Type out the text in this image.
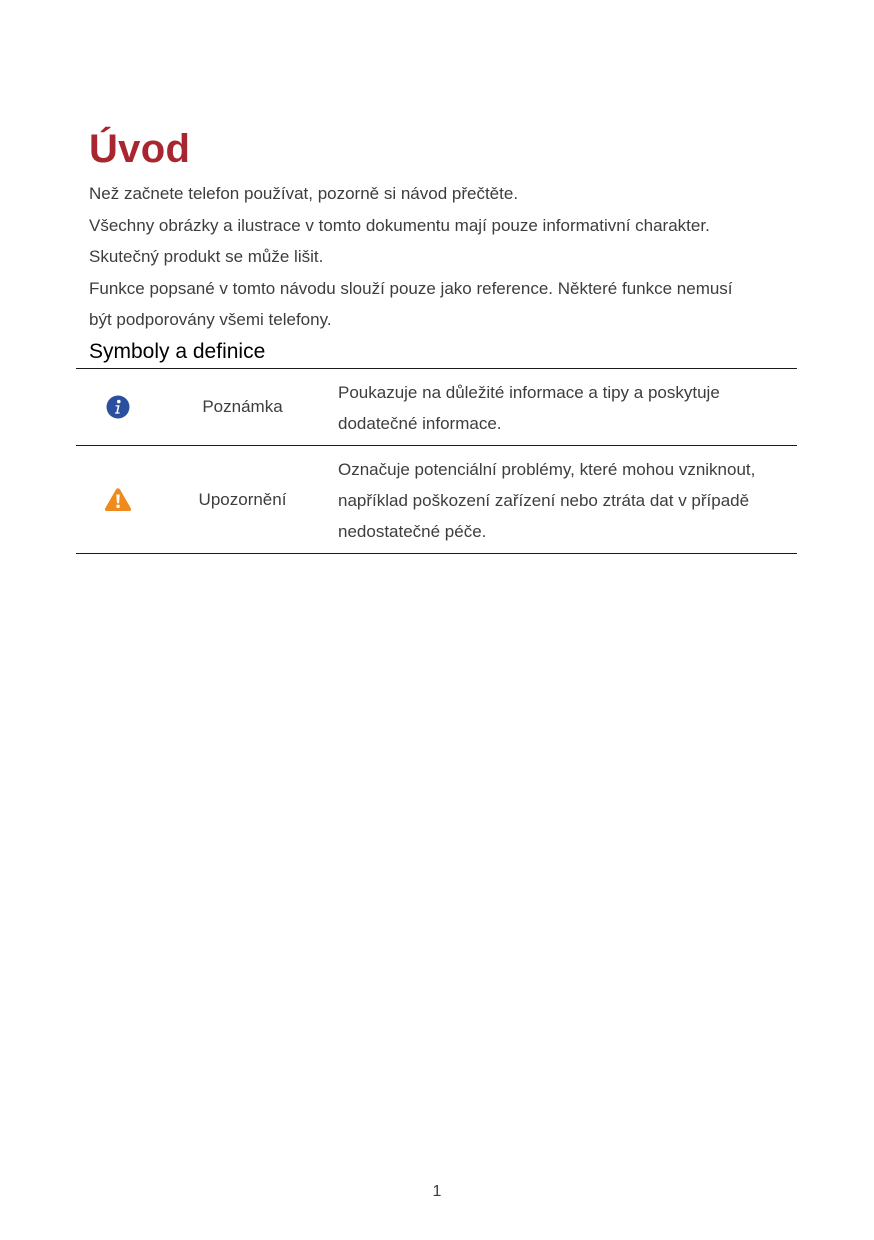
Úvod

Než začnete telefon používat, pozorně si návod přečtěte.

Všechny obrázky a ilustrace v tomto dokumentu mají pouze informativní charakter.

Skutečný produkt se může lišit.

Funkce popsané v tomto návodu slouží pouze jako reference. Některé funkce nemusí

být podporovány všemi telefony.

Symboly a definice
	Poznámka	Poukazuje na důležité informace a tipy a poskytuje
dodatečné informace.

	Upozornění	Označuje potenciální problémy, které mohou vzniknout,
například poškození zařízení nebo ztráta dat v případě
nedostatečné péče.
1
